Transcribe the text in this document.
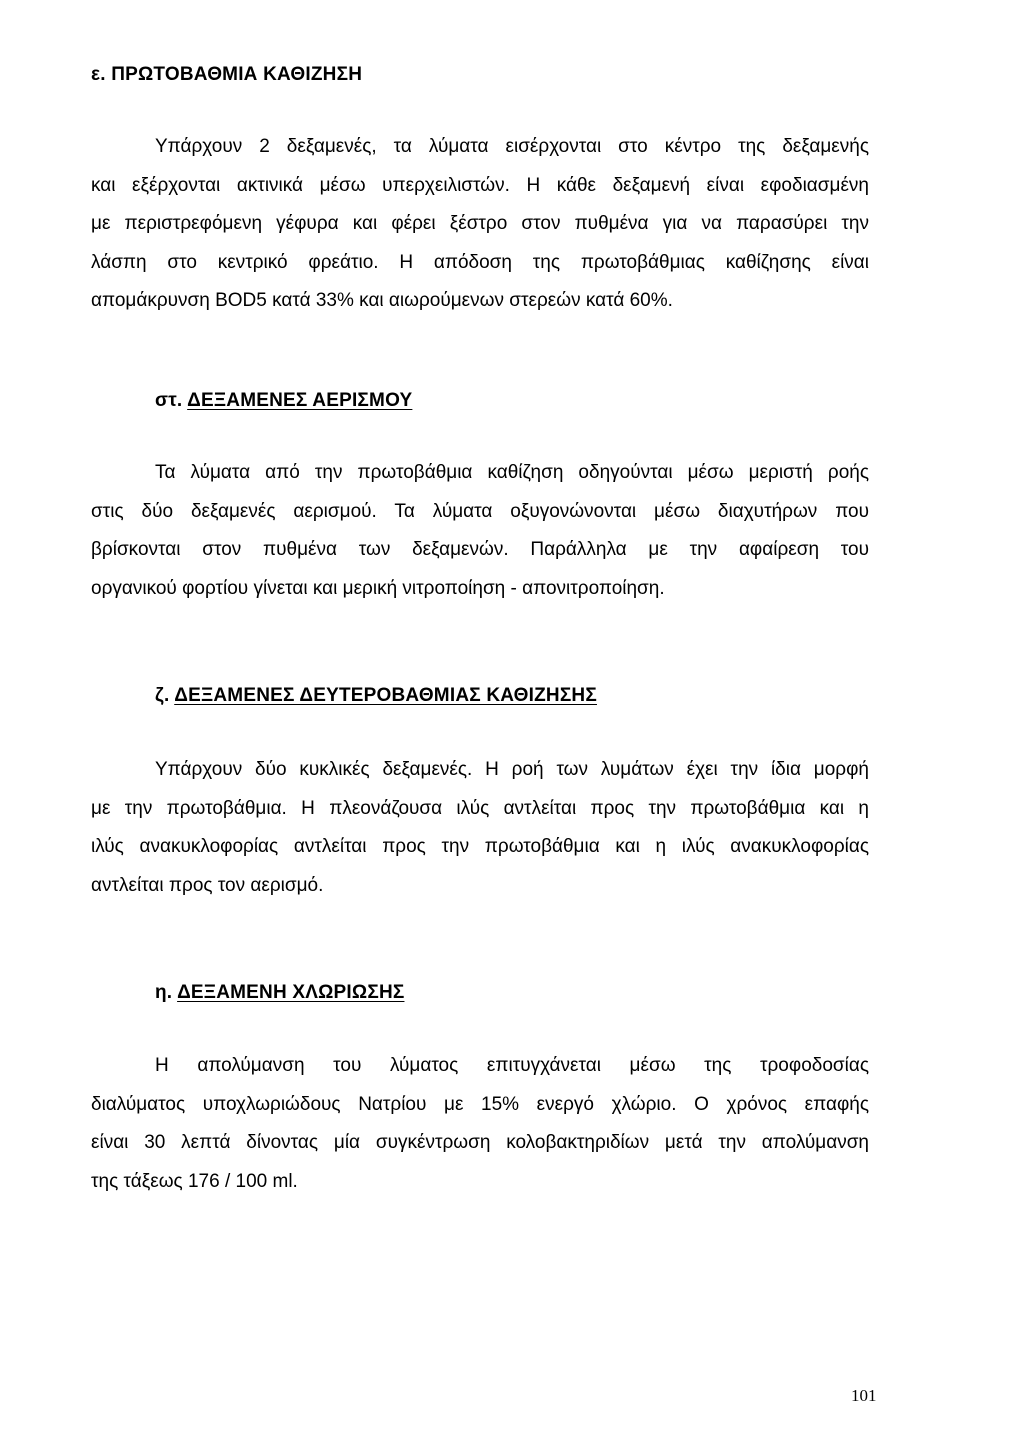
ε. ΠΡΩΤΟΒΑΘΜΙΑ ΚΑΘΙΖΗΣΗ
Υπάρχουν 2 δεξαμενές, τα λύματα εισέρχονται στο κέντρο της δεξαμενής
και εξέρχονται ακτινικά μέσω υπερχειλιστών. Η κάθε δεξαμενή είναι εφοδιασμένη
με περιστρεφόμενη γέφυρα και φέρει ξέστρο στον πυθμένα για να παρασύρει την
λάσπη στο κεντρικό φρεάτιο. Η απόδοση της πρωτοβάθμιας καθίζησης είναι
απομάκρυνση BOD5 κατά 33% και αιωρούμενων στερεών κατά 60%.
στ. ΔΕΞΑΜΕΝΕΣ ΑΕΡΙΣΜΟΥ
Τα λύματα από την πρωτοβάθμια καθίζηση οδηγούνται μέσω μεριστή ροής
στις δύο δεξαμενές αερισμού. Τα λύματα οξυγονώνονται μέσω διαχυτήρων που
βρίσκονται στον πυθμένα των δεξαμενών. Παράλληλα με την αφαίρεση του
οργανικού φορτίου γίνεται και μερική νιτροποίηση - απονιτροποίηση.
ζ. ΔΕΞΑΜΕΝΕΣ ΔΕΥΤΕΡΟΒΑΘΜΙΑΣ ΚΑΘΙΖΗΣΗΣ
Υπάρχουν δύο κυκλικές δεξαμενές. Η ροή των λυμάτων έχει την ίδια μορφή
με την πρωτοβάθμια. Η πλεονάζουσα ιλύς αντλείται προς την πρωτοβάθμια και η
ιλύς ανακυκλοφορίας αντλείται προς την πρωτοβάθμια και η ιλύς ανακυκλοφορίας
αντλείται προς τον αερισμό.
η. ΔΕΞΑΜΕΝΗ ΧΛΩΡΙΩΣΗΣ
Η απολύμανση του λύματος επιτυγχάνεται μέσω της τροφοδοσίας
διαλύματος υποχλωριώδους Νατρίου με 15% ενεργό χλώριο. Ο χρόνος επαφής
είναι 30 λεπτά δίνοντας μία συγκέντρωση κολοβακτηριδίων μετά την απολύμανση
της τάξεως 176 / 100 ml.
101
